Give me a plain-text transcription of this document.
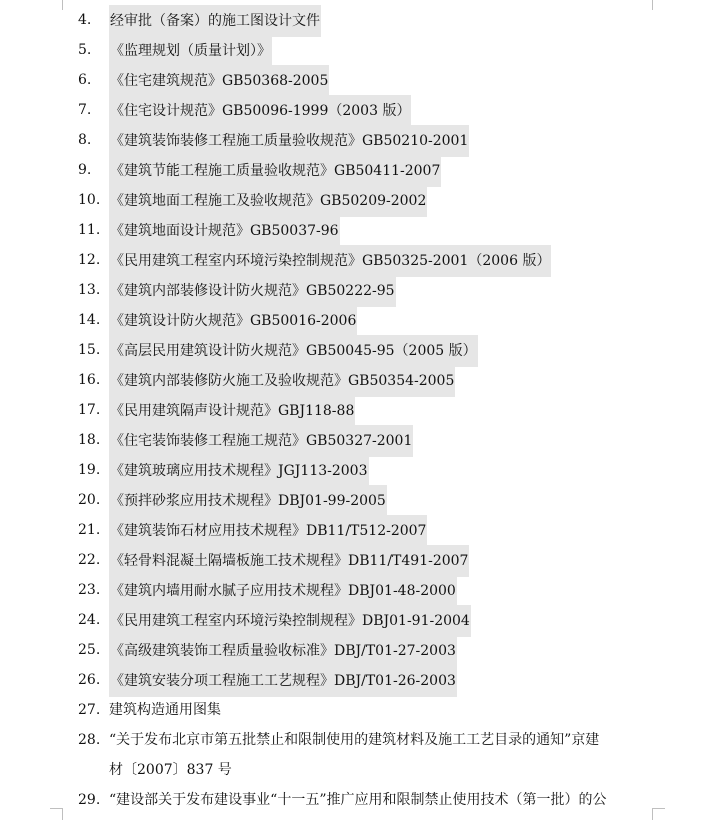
4.	经审批（备案）的施工图设计文件
5.	《监理规划（质量计划）》
6.	《住宅建筑规范》GB50368-2005
7.	《住宅设计规范》GB50096-1999（2003 版）
8.	《建筑装饰装修工程施工质量验收规范》GB50210-2001
9.	《建筑节能工程施工质量验收规范》GB50411-2007
10. 《建筑地面工程施工及验收规范》GB50209-2002
11. 《建筑地面设计规范》GB50037-96
12. 《民用建筑工程室内环境污染控制规范》GB50325-2001（2006 版）
13. 《建筑内部装修设计防火规范》GB50222-95
14. 《建筑设计防火规范》GB50016-2006
15. 《高层民用建筑设计防火规范》GB50045-95（2005 版）
16. 《建筑内部装修防火施工及验收规范》GB50354-2005
17. 《民用建筑隔声设计规范》GBJ118-88
18. 《住宅装饰装修工程施工规范》GB50327-2001
19. 《建筑玻璃应用技术规程》JGJ113-2003
20. 《预拌砂浆应用技术规程》DBJ01-99-2005
21. 《建筑装饰石材应用技术规程》DB11/T512-2007
22. 《轻骨料混凝土隔墙板施工技术规程》DB11/T491-2007
23. 《建筑内墙用耐水腻子应用技术规程》DBJ01-48-2000
24. 《民用建筑工程室内环境污染控制规程》DBJ01-91-2004
25. 《高级建筑装饰工程质量验收标准》DBJ/T01-27-2003
26. 《建筑安装分项工程施工工艺规程》DBJ/T01-26-2003
27. 建筑构造通用图集
28. “关于发布北京市第五批禁止和限制使用的建筑材料及施工工艺目录的通知”京建
材〔2007〕837 号
29. “建设部关于发布建设事业“十一五”推广应用和限制禁止使用技术（第一批）的公
